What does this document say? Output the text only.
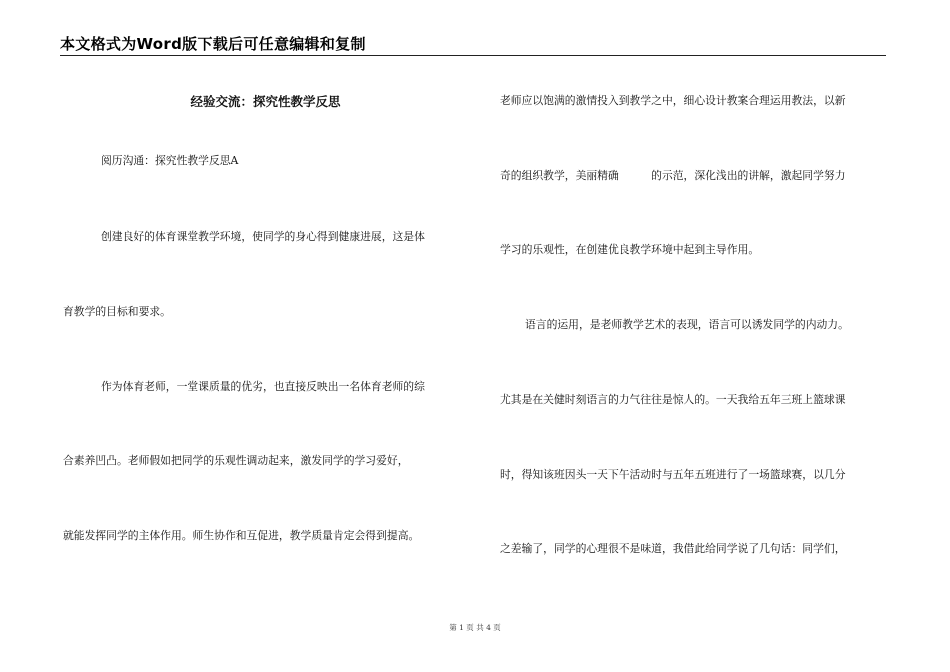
本文格式为Word版下载后可任意编辑和复制
经验交流：探究性教学反思
阅历沟通：探究性教学反思A
创建良好的体育课堂教学环境，使同学的身心得到健康进展，这是体
育教学的目标和要求。
作为体育老师，一堂课质量的优劣，也直接反映出一名体育老师的综
合素养凹凸。老师假如把同学的乐观性调动起来，激发同学的学习爱好，
就能发挥同学的主体作用。师生协作和互促进，教学质量肯定会得到提高。
老师应以饱满的激情投入到教学之中，细心设计教案合理运用教法，以新
奇的组织教学，美丽精确　　　的示范，深化浅出的讲解，激起同学努力
学习的乐观性，在创建优良教学环境中起到主导作用。
语言的运用，是老师教学艺术的表现，语言可以诱发同学的内动力。
尤其是在关健时刻语言的力气往往是惊人的。一天我给五年三班上篮球课
时，得知该班因头一天下午活动时与五年五班进行了一场篮球赛，以几分
之差输了，同学的心理很不是味道，我借此给同学说了几句话：同学们，
第 1 页 共 4 页
